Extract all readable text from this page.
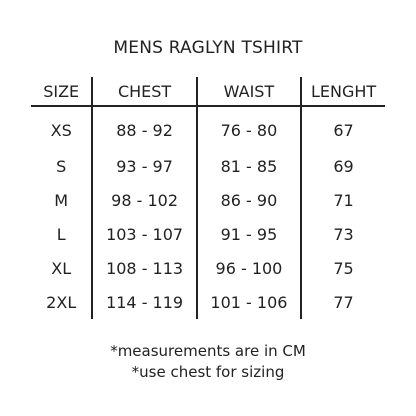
MENS RAGLYN TSHIRT
SIZE	CHEST	WAIST	LENGHT
XS	88 - 92	76 - 80	67
S	93 - 97	81 - 85	69
M	98 - 102	86 - 90	71
L	103 - 107	91 - 95	73
XL	108 - 113	96 - 100	75
2XL	114 - 119	101 - 106	77
*measurements are in CM
*use chest for sizing
